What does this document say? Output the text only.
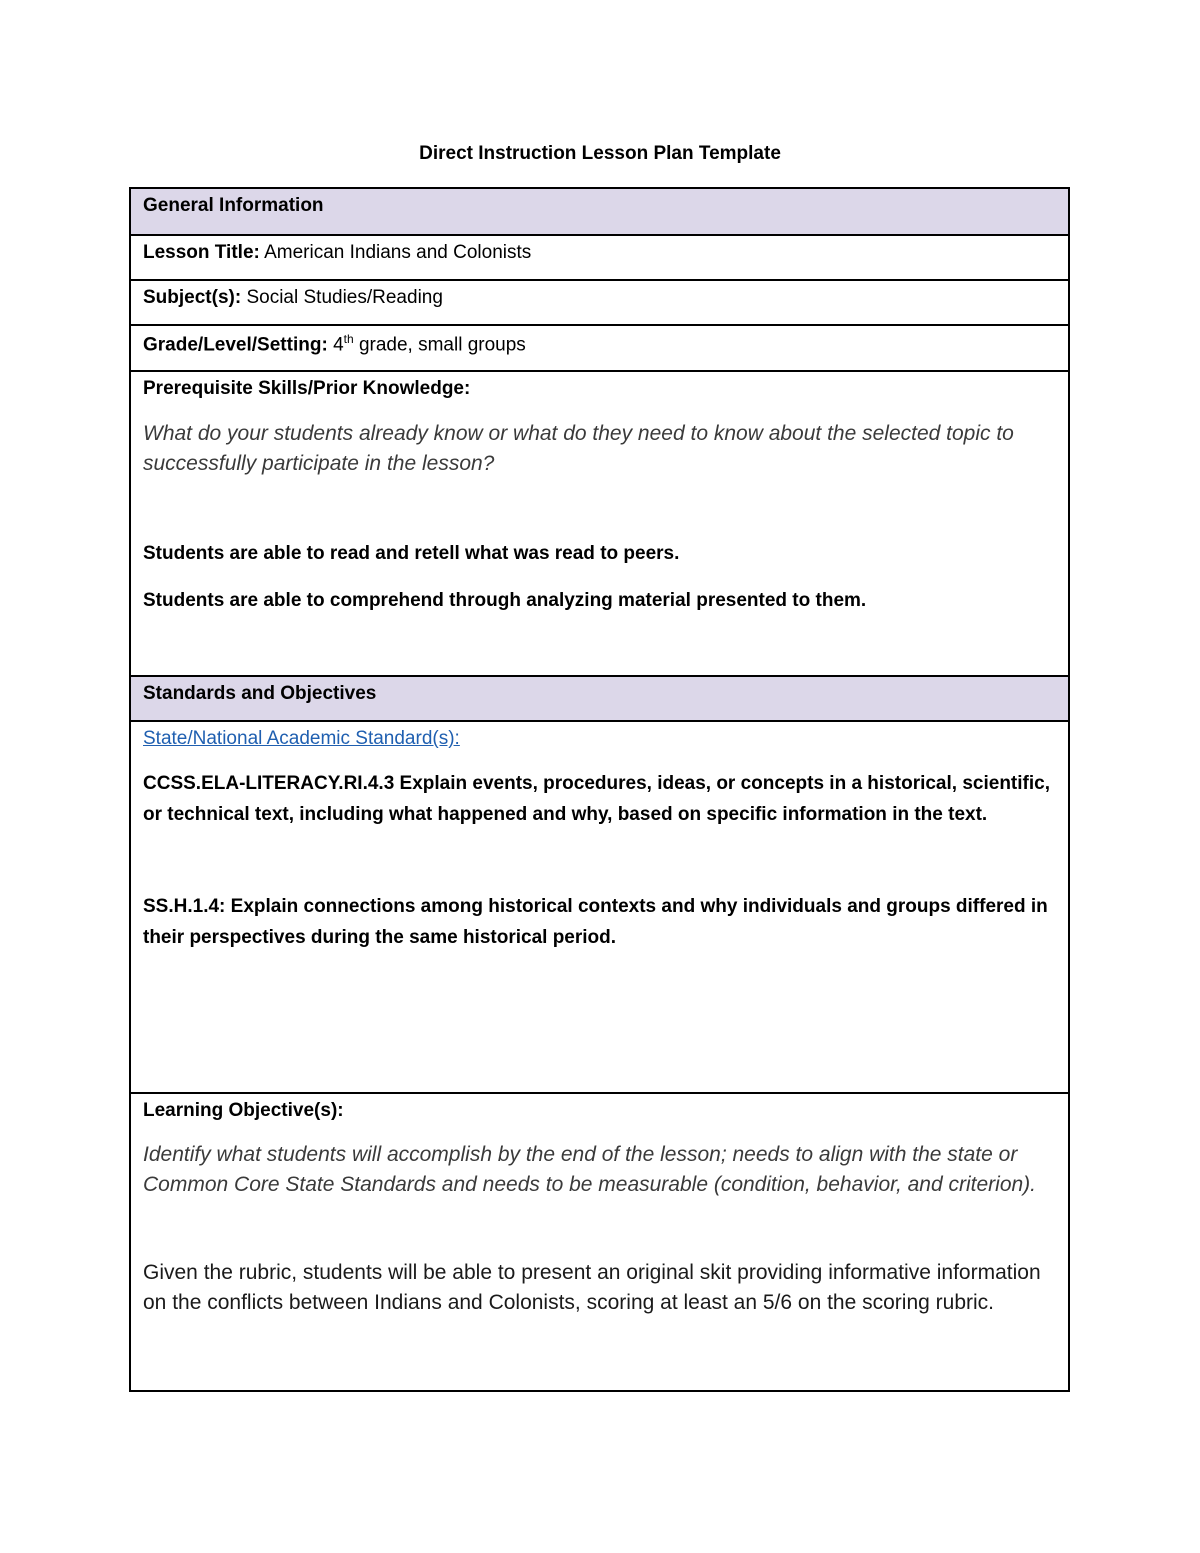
Direct Instruction Lesson Plan Template
General Information
Lesson Title: American Indians and Colonists
Subject(s): Social Studies/Reading
Grade/Level/Setting: 4th grade, small groups
Prerequisite Skills/Prior Knowledge:

What do your students already know or what do they need to know about the selected topic to successfully participate in the lesson?

Students are able to read and retell what was read to peers.

Students are able to comprehend through analyzing material presented to them.

Standards and Objectives
State/National Academic Standard(s):

CCSS.ELA-LITERACY.RI.4.3 Explain events, procedures, ideas, or concepts in a historical, scientific, or technical text, including what happened and why, based on specific information in the text.

SS.H.1.4: Explain connections among historical contexts and why individuals and groups differed in their perspectives during the same historical period.

Learning Objective(s):

Identify what students will accomplish by the end of the lesson; needs to align with the state or Common Core State Standards and needs to be measurable (condition, behavior, and criterion).

Given the rubric, students will be able to present an original skit providing informative information on the conflicts between Indians and Colonists, scoring at least an 5/6 on the scoring rubric.
